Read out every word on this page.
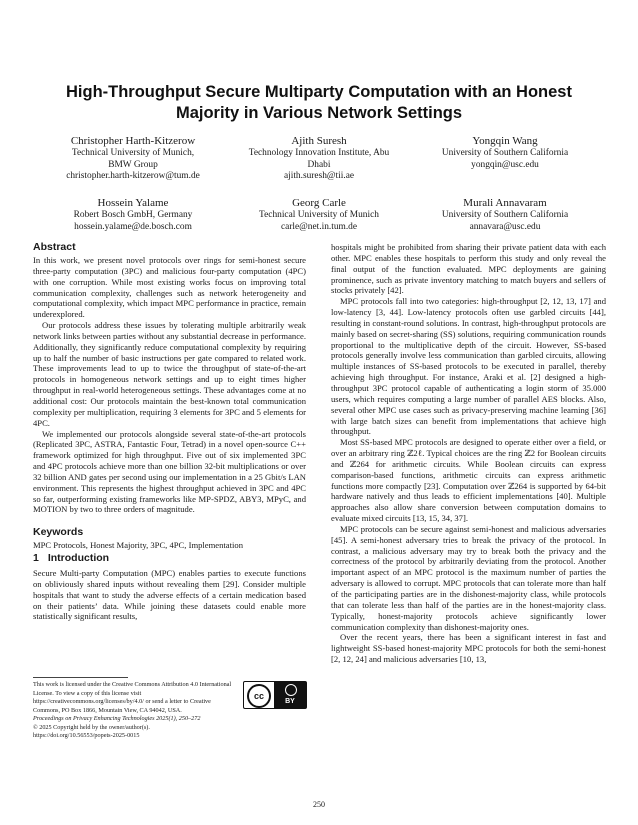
High-Throughput Secure Multiparty Computation with an Honest Majority in Various Network Settings
Christopher Harth-Kitzerow
Technical University of Munich,
BMW Group
christopher.harth-kitzerow@tum.de
Ajith Suresh
Technology Innovation Institute, Abu
Dhabi
ajith.suresh@tii.ae
Yongqin Wang
University of Southern California
yongqin@usc.edu
Hossein Yalame
Robert Bosch GmbH, Germany
hossein.yalame@de.bosch.com
Georg Carle
Technical University of Munich
carle@net.in.tum.de
Murali Annavaram
University of Southern California
annavara@usc.edu
Abstract

In this work, we present novel protocols over rings for semi-honest secure three-party computation (3PC) and malicious four-party computation (4PC) with one corruption. While most existing works focus on improving total communication complexity, challenges such as network heterogeneity and computational complexity, which impact MPC performance in practice, remain underexplored.

Our protocols address these issues by tolerating multiple arbitrarily weak network links between parties without any substantial decrease in performance. Additionally, they significantly reduce computational complexity by requiring up to half the number of basic instructions per gate compared to related work. These improvements lead to up to twice the throughput of state-of-the-art protocols in homogeneous network settings and up to eight times higher throughput in real-world heterogeneous settings. These advantages come at no additional cost: Our protocols maintain the best-known total communication complexity per multiplication, requiring 3 elements for 3PC and 5 elements for 4PC.

We implemented our protocols alongside several state-of-the-art protocols (Replicated 3PC, ASTRA, Fantastic Four, Tetrad) in a novel open-source C++ framework optimized for high throughput. Five out of six implemented 3PC and 4PC protocols achieve more than one billion 32-bit multiplications or over 32 billion AND gates per second using our implementation in a 25 Gbit/s LAN environment. This represents the highest throughput achieved in 3PC and 4PC so far, outperforming existing frameworks like MP-SPDZ, ABY3, MPyC, and MOTION by two to three orders of magnitude.

Keywords

MPC Protocols, Honest Majority, 3PC, 4PC, Implementation

1 Introduction

Secure Multi-party Computation (MPC) enables parties to execute functions on obliviously shared inputs without revealing them [29]. Consider multiple hospitals that want to study the adverse effects of a certain medication based on their patients’ data. While joining these datasets could enable more statistically significant results,

This work is licensed under the Creative Commons Attribution 4.0 International License. To view a copy of this license visit https://creativecommons.org/licenses/by/4.0/ or send a letter to Creative Commons, PO Box 1866, Mountain View, CA 94042, USA.

Proceedings on Privacy Enhancing Technologies 2025(1), 250–272

© 2025 Copyright held by the owner/author(s).

https://doi.org/10.56553/popets-2025-0015

cc
BY

hospitals might be prohibited from sharing their private patient data with each other. MPC enables these hospitals to perform this study and only reveal the final output of the function evaluated. MPC deployments are gaining prominence, such as private inventory matching to match buyers and sellers of stocks privately [42].

MPC protocols fall into two categories: high-throughput [2, 12, 13, 17] and low-latency [3, 44]. Low-latency protocols often use garbled circuits [44], resulting in constant-round solutions. In contrast, high-throughput protocols are mainly based on secret-sharing (SS) solutions, requiring communication rounds proportional to the multiplicative depth of the circuit. However, SS-based protocols generally involve less communication than garbled circuits, allowing multiple instances of SS-based protocols to be executed in parallel, thereby achieving high throughput. For instance, Araki et al. [2] designed a high-throughput 3PC protocol capable of authenticating a login storm of 35.000 users, which requires computing a large number of parallel AES blocks. Also, several other MPC use cases such as privacy-preserving machine learning [36] with large batch sizes can benefit from implementations that achieve high throughput.

Most SS-based MPC protocols are designed to operate either over a field, or over an arbitrary ring ℤ2ℓ. Typical choices are the ring ℤ2 for Boolean circuits and ℤ264 for arithmetic circuits. While Boolean circuits can express comparison-based functions, arithmetic circuits can express arithmetic functions more compactly [23]. Computation over ℤ264 is supported by 64-bit hardware natively and thus leads to efficient implementations [40]. Multiple approaches also allow share conversion between computation domains to evaluate mixed circuits [13, 15, 34, 37].

MPC protocols can be secure against semi-honest and malicious adversaries [45]. A semi-honest adversary tries to break the privacy of the protocol. In contrast, a malicious adversary may try to break both the privacy and the correctness of the protocol by arbitrarily deviating from the protocol. Another important aspect of an MPC protocol is the maximum number of parties the adversary is allowed to corrupt. MPC protocols that can tolerate more than half of the participating parties are in the dishonest-majority class, while protocols that can tolerate less than half of the parties are in the honest-majority class. Typically, honest-majority protocols achieve significantly lower communication complexity than dishonest-majority ones.

Over the recent years, there has been a significant interest in fast and lightweight SS-based honest-majority MPC protocols for both the semi-honest [2, 12, 24] and malicious adversaries [10, 13,

250
